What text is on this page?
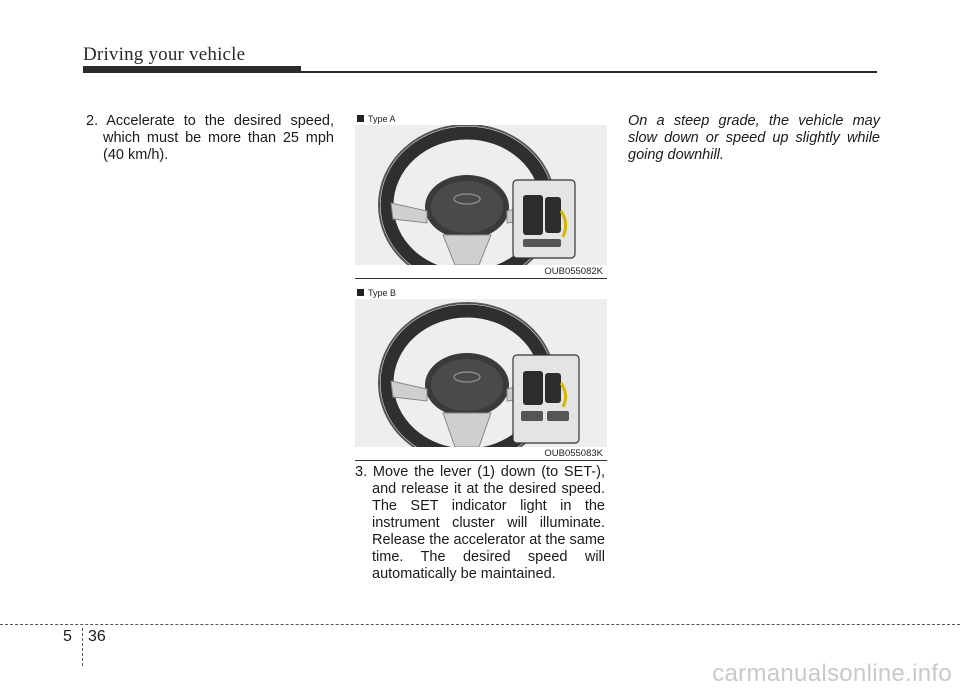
Driving your vehicle
2. Accelerate to the desired speed, which must be more than 25 mph (40 km/h).
Type A
OUB055082K
Type B
OUB055083K
3. Move the lever (1) down (to SET-), and release it at the desired speed. The SET indicator light in the instrument cluster will illuminate. Release the accelerator at the same time. The desired speed will automatically be maintained.
On a steep grade, the vehicle may slow down or speed up slightly while going downhill.
5 36
carmanualsonline.info
